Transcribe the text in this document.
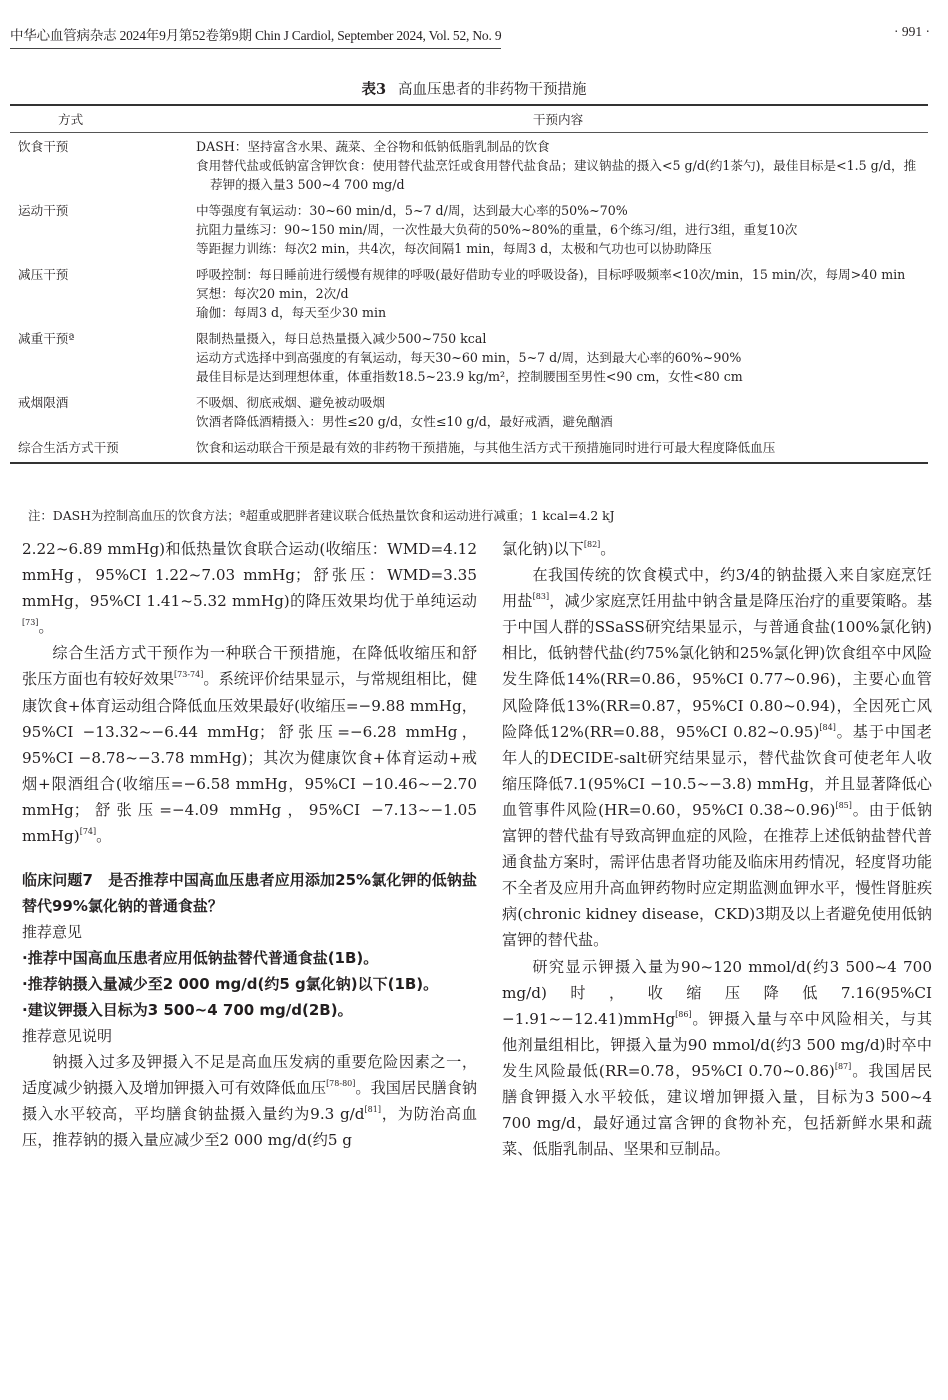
中华心血管病杂志 2024年9月第52卷第9期 Chin J Cardiol, September 2024, Vol. 52, No. 9	· 991 ·
表3 高血压患者的非药物干预措施
方式	干预内容
饮食干预	DASH：坚持富含水果、蔬菜、全谷物和低钠低脂乳制品的饮食
食用替代盐或低钠富含钾饮食：使用替代盐烹饪或食用替代盐食品；建议钠盐的摄入<5 g/d(约1茶勺)，最佳目标是<1.5 g/d，推荐钾的摄入量3 500~4 700 mg/d

运动干预	中等强度有氧运动：30~60 min/d，5~7 d/周，达到最大心率的50%~70%
抗阻力量练习：90~150 min/周，一次性最大负荷的50%~80%的重量，6个练习/组，进行3组，重复10次
等距握力训练：每次2 min，共4次，每次间隔1 min，每周3 d，太极和气功也可以协助降压

减压干预	呼吸控制：每日睡前进行缓慢有规律的呼吸(最好借助专业的呼吸设备)，目标呼吸频率<10次/min，15 min/次，每周>40 min
冥想：每次20 min，2次/d
瑜伽：每周3 d，每天至少30 min

减重干预ª	限制热量摄入，每日总热量摄入减少500~750 kcal
运动方式选择中到高强度的有氧运动，每天30~60 min，5~7 d/周，达到最大心率的60%~90%
最佳目标是达到理想体重，体重指数18.5~23.9 kg/m²，控制腰围至男性<90 cm，女性<80 cm

戒烟限酒	不吸烟、彻底戒烟、避免被动吸烟
饮酒者降低酒精摄入：男性≤20 g/d，女性≤10 g/d，最好戒酒，避免酗酒

综合生活方式干预	饮食和运动联合干预是最有效的非药物干预措施，与其他生活方式干预措施同时进行可最大程度降低血压
注：DASH为控制高血压的饮食方法；ª超重或肥胖者建议联合低热量饮食和运动进行减重；1 kcal=4.2 kJ

2.22~6.89 mmHg)和低热量饮食联合运动(收缩压：WMD=4.12 mmHg，95%CI 1.22~7.03 mmHg；舒张压：WMD=3.35 mmHg，95%CI 1.41~5.32 mmHg)的降压效果均优于单纯运动[73]。

综合生活方式干预作为一种联合干预措施，在降低收缩压和舒张压方面也有较好效果[73-74]。系统评价结果显示，与常规组相比，健康饮食+体育运动组合降低血压效果最好(收缩压=−9.88 mmHg，95%CI −13.32~−6.44 mmHg；舒张压=−6.28 mmHg，95%CI −8.78~−3.78 mmHg)；其次为健康饮食+体育运动+戒烟+限酒组合(收缩压=−6.58 mmHg，95%CI −10.46~−2.70 mmHg；舒张压=−4.09 mmHg，95%CI −7.13~−1.05 mmHg)[74]。

临床问题7　是否推荐中国高血压患者应用添加25%氯化钾的低钠盐替代99%氯化钠的普通食盐？

推荐意见

·推荐中国高血压患者应用低钠盐替代普通食盐(1B)。

·推荐钠摄入量减少至2 000 mg/d(约5 g氯化钠)以下(1B)。

·建议钾摄入目标为3 500~4 700 mg/d(2B)。

推荐意见说明

钠摄入过多及钾摄入不足是高血压发病的重要危险因素之一，适度减少钠摄入及增加钾摄入可有效降低血压[78-80]。我国居民膳食钠摄入水平较高，平均膳食钠盐摄入量约为9.3 g/d[81]，为防治高血压，推荐钠的摄入量应减少至2 000 mg/d(约5 g

氯化钠)以下[82]。

在我国传统的饮食模式中，约3/4的钠盐摄入来自家庭烹饪用盐[83]，减少家庭烹饪用盐中钠含量是降压治疗的重要策略。基于中国人群的SSaSS研究结果显示，与普通食盐(100%氯化钠)相比，低钠替代盐(约75%氯化钠和25%氯化钾)饮食组卒中风险发生降低14%(RR=0.86，95%CI 0.77~0.96)，主要心血管风险降低13%(RR=0.87，95%CI 0.80~0.94)，全因死亡风险降低12%(RR=0.88，95%CI 0.82~0.95)[84]。基于中国老年人的DECIDE-salt研究结果显示，替代盐饮食可使老年人收缩压降低7.1(95%CI −10.5~−3.8) mmHg，并且显著降低心血管事件风险(HR=0.60，95%CI 0.38~0.96)[85]。由于低钠富钾的替代盐有导致高钾血症的风险，在推荐上述低钠盐替代普通食盐方案时，需评估患者肾功能及临床用药情况，轻度肾功能不全者及应用升高血钾药物时应定期监测血钾水平，慢性肾脏疾病(chronic kidney disease，CKD)3期及以上者避免使用低钠富钾的替代盐。

研究显示钾摄入量为90~120 mmol/d(约3 500~4 700 mg/d)时，收缩压降低7.16(95%CI −1.91~−12.41)mmHg[86]。钾摄入量与卒中风险相关，与其他剂量组相比，钾摄入量为90 mmol/d(约3 500 mg/d)时卒中发生风险最低(RR=0.78，95%CI 0.70~0.86)[87]。我国居民膳食钾摄入水平较低，建议增加钾摄入量，目标为3 500~4 700 mg/d，最好通过富含钾的食物补充，包括新鲜水果和蔬菜、低脂乳制品、坚果和豆制品。
